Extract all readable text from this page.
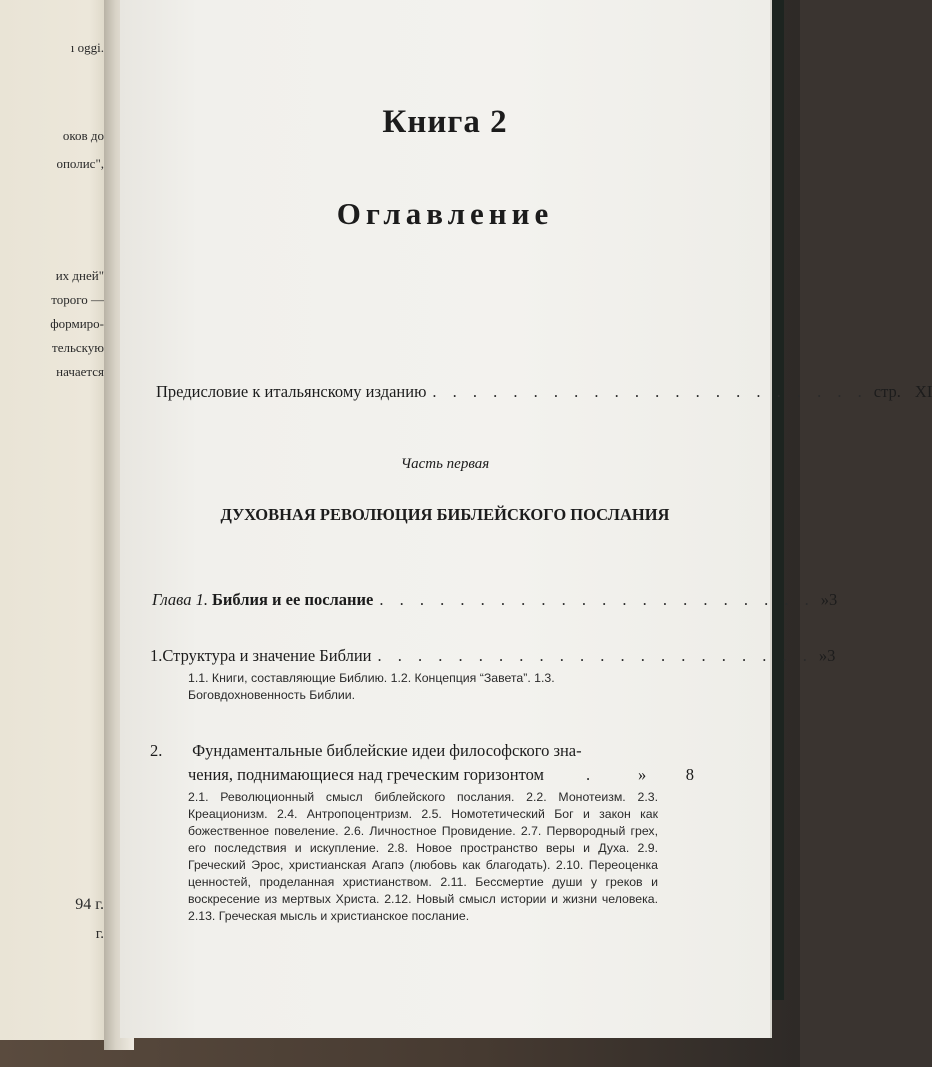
ı oggi.
оков до
ополис",
их дней"
торого —
формиро-
тельскую
начается
94 г.
г.
Книга 2
Оглавление
Предисловие к итальянскому изданию . . . . . . . . . . . . . . . . . . . . . . стр. XI
Часть первая
ДУХОВНАЯ РЕВОЛЮЦИЯ БИБЛЕЙСКОГО ПОСЛАНИЯ
Глава 1. Библия и ее послание . . . . . . . . . . . . . . . . . . . . . . » 3
1. Структура и значение Библии . . . . . . . . . . . . . . . . . . . . . . » 3
1.1. Книги, составляющие Библию. 1.2. Концепция “Завета”. 1.3. Боговдохновенность Библии.
2. Фундаментальные библейские идеи философского зна-
чения, поднимающиеся над греческим горизонтом	.	»	8
2.1. Революционный смысл библейского послания. 2.2. Монотеизм. 2.3. Креационизм. 2.4. Антропоцентризм. 2.5. Номотетический Бог и закон как божественное повеление. 2.6. Личностное Провидение. 2.7. Первородный грех, его последствия и искупление. 2.8. Новое пространство веры и Духа. 2.9. Греческий Эрос, христианская Агапэ (любовь как благодать). 2.10. Переоценка ценностей, проделанная христианством. 2.11. Бессмертие души у греков и воскресение из мертвых Христа. 2.12. Новый смысл истории и жизни человека. 2.13. Греческая мысль и христианское послание.
